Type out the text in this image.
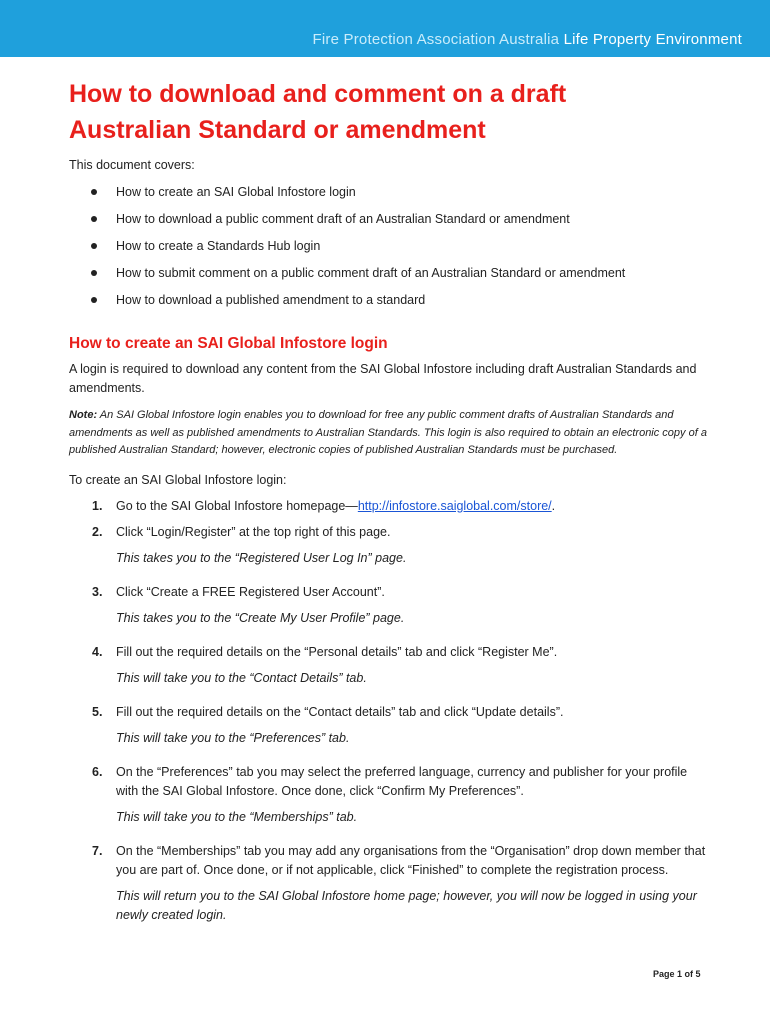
Fire Protection Association Australia Life Property Environment
How to download and comment on a draft
Australian Standard or amendment

This document covers:

How to create an SAI Global Infostore login
How to download a public comment draft of an Australian Standard or amendment
How to create a Standards Hub login
How to submit comment on a public comment draft of an Australian Standard or amendment
How to download a published amendment to a standard
How to create an SAI Global Infostore login

A login is required to download any content from the SAI Global Infostore including draft Australian Standards and amendments.

Note: An SAI Global Infostore login enables you to download for free any public comment drafts of Australian Standards and amendments as well as published amendments to Australian Standards. This login is also required to obtain an electronic copy of a published Australian Standard; however, electronic copies of published Australian Standards must be purchased.

To create an SAI Global Infostore login:

1. Go to the SAI Global Infostore homepage—http://infostore.saiglobal.com/store/.
2. Click “Login/Register” at the top right of this page.
This takes you to the “Registered User Log In” page.
3. Click “Create a FREE Registered User Account”.
This takes you to the “Create My User Profile” page.
4. Fill out the required details on the “Personal details” tab and click “Register Me”.
This will take you to the “Contact Details” tab.
5. Fill out the required details on the “Contact details” tab and click “Update details”.
This will take you to the “Preferences” tab.
6. On the “Preferences” tab you may select the preferred language, currency and publisher for your profile with the SAI Global Infostore. Once done, click “Confirm My Preferences”.
This will take you to the “Memberships” tab.
7. On the “Memberships” tab you may add any organisations from the “Organisation” drop down member that you are part of. Once done, or if not applicable, click “Finished” to complete the registration process.
This will return you to the SAI Global Infostore home page; however, you will now be logged in using your newly created login.
Page 1 of 5
